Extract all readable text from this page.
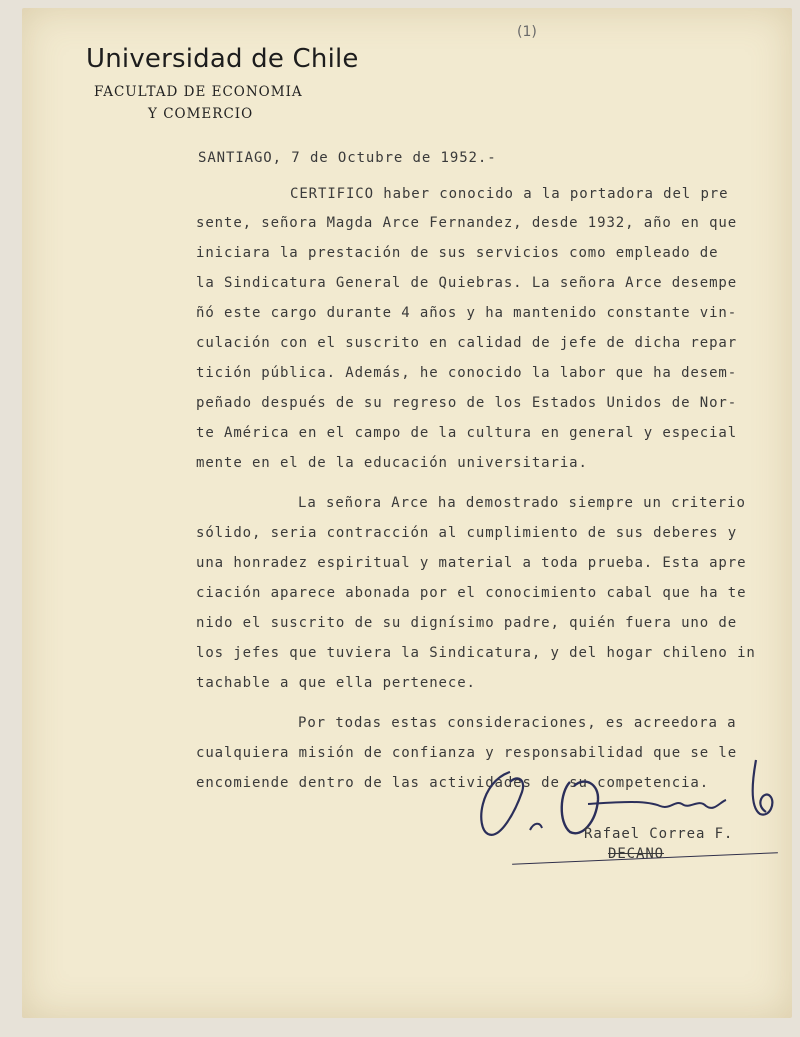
Universidad de Chile
FACULTAD DE ECONOMIA
Y COMERCIO
(1)
SANTIAGO, 7 de Octubre de 1952.-
CERTIFICO haber conocido a la portadora del pre
sente, señora Magda Arce Fernandez, desde 1932, año en que
iniciara la prestación de sus servicios como empleado de
la Sindicatura General de Quiebras. La señora Arce desempe
ñó este cargo durante 4 años y ha mantenido constante vin-
culación con el suscrito en calidad de jefe de dicha repar
tición pública. Además, he conocido la labor que ha desem-
peñado después de su regreso de los Estados Unidos de Nor-
te América en el campo de la cultura en general y especial
mente en el de la educación universitaria.
La señora Arce ha demostrado siempre un criterio
sólido, seria contracción al cumplimiento de sus deberes y
una honradez espiritual y material a toda prueba. Esta apre
ciación aparece abonada por el conocimiento cabal que ha te
nido el suscrito de su dignísimo padre, quién fuera uno de
los jefes que tuviera la Sindicatura, y del hogar chileno in
tachable a que ella pertenece.
Por todas estas consideraciones, es acreedora a
cualquiera misión de confianza y responsabilidad que se le
encomiende dentro de las actividades de su competencia.
Rafael Correa F.
DECANO
